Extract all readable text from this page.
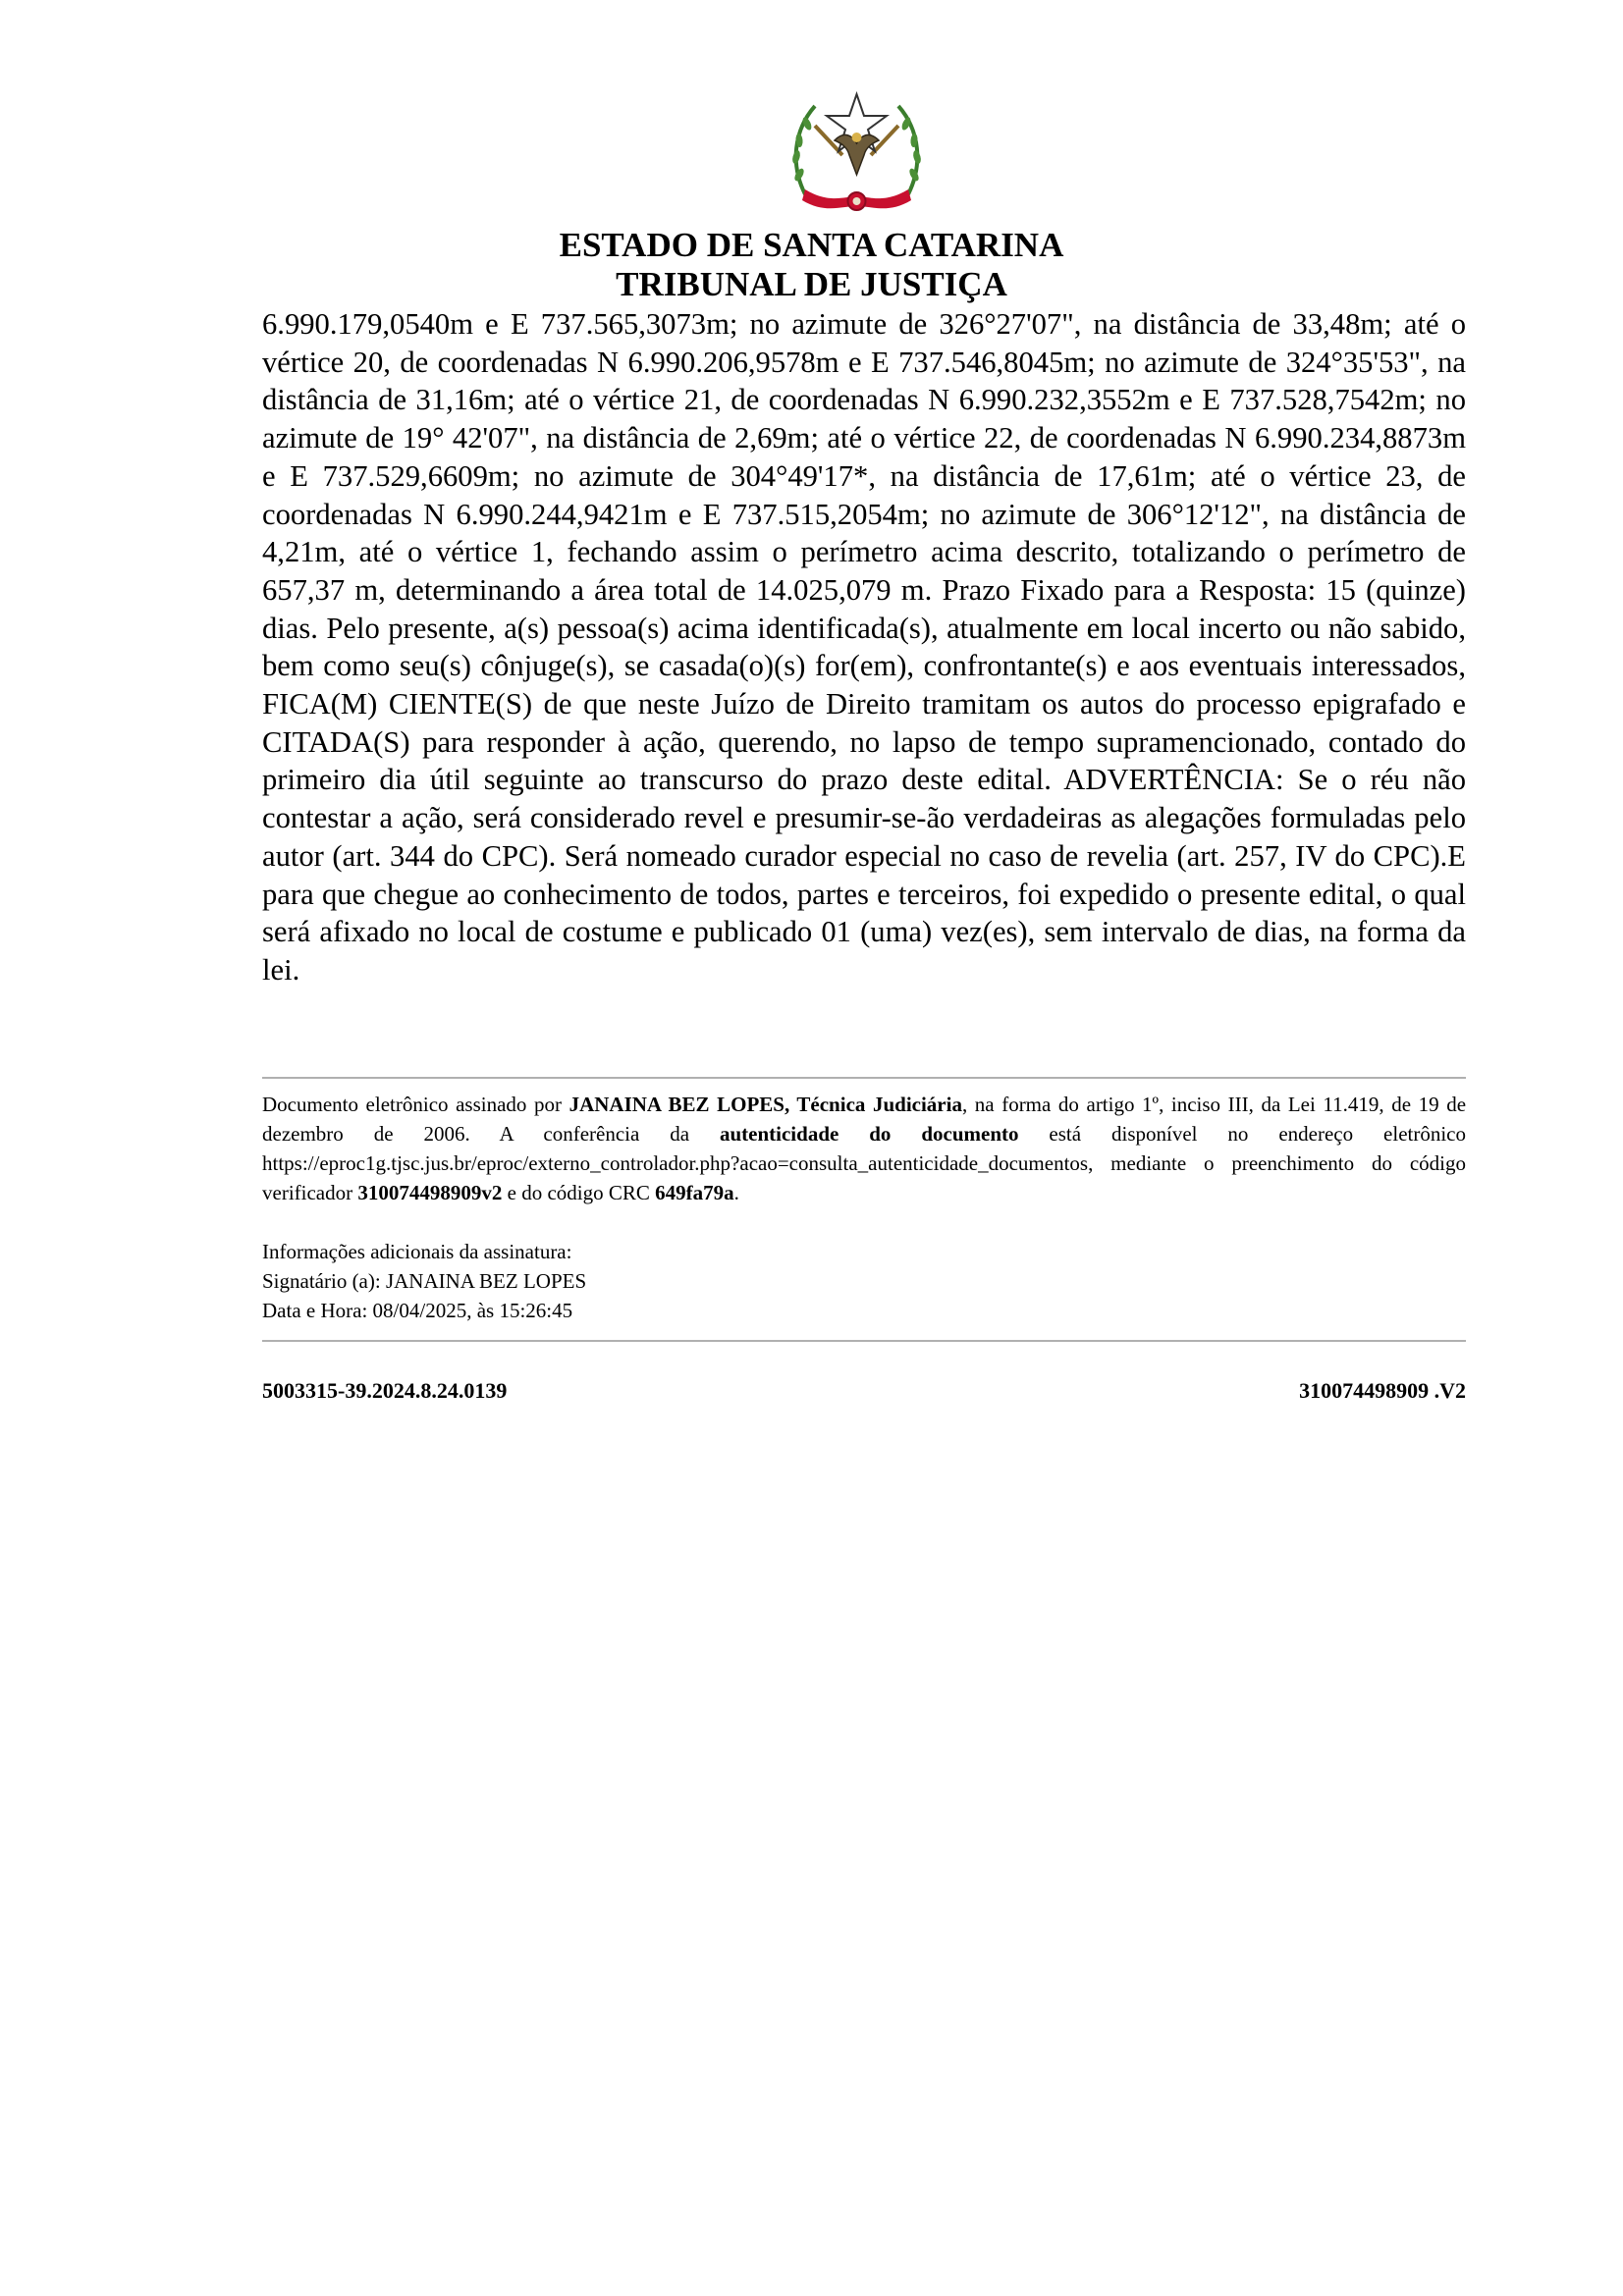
ESTADO DE SANTA CATARINA
TRIBUNAL DE JUSTIÇA

6.990.179,0540m e E 737.565,3073m; no azimute de 326°27'07", na distância de 33,48m; até o vértice 20, de coordenadas N 6.990.206,9578m e E 737.546,8045m; no azimute de 324°35'53", na distância de 31,16m; até o vértice 21, de coordenadas N 6.990.232,3552m e E 737.528,7542m; no azimute de 19° 42'07", na distância de 2,69m; até o vértice 22, de coordenadas N 6.990.234,8873m e E 737.529,6609m; no azimute de 304°49'17*, na distância de 17,61m; até o vértice 23, de coordenadas N 6.990.244,9421m e E 737.515,2054m; no azimute de 306°12'12", na distância de 4,21m, até o vértice 1, fechando assim o perímetro acima descrito, totalizando o perímetro de 657,37 m, determinando a área total de 14.025,079 m. Prazo Fixado para a Resposta: 15 (quinze) dias. Pelo presente, a(s) pessoa(s) acima identificada(s), atualmente em local incerto ou não sabido, bem como seu(s) cônjuge(s), se casada(o)(s) for(em), confrontante(s) e aos eventuais interessados, FICA(M) CIENTE(S) de que neste Juízo de Direito tramitam os autos do processo epigrafado e CITADA(S) para responder à ação, querendo, no lapso de tempo supramencionado, contado do primeiro dia útil seguinte ao transcurso do prazo deste edital. ADVERTÊNCIA: Se o réu não contestar a ação, será considerado revel e presumir-se-ão verdadeiras as alegações formuladas pelo autor (art. 344 do CPC). Será nomeado curador especial no caso de revelia (art. 257, IV do CPC).E para que chegue ao conhecimento de todos, partes e terceiros, foi expedido o presente edital, o qual será afixado no local de costume e publicado 01 (uma) vez(es), sem intervalo de dias, na forma da lei.

Documento eletrônico assinado por JANAINA BEZ LOPES, Técnica Judiciária, na forma do artigo 1º, inciso III, da Lei 11.419, de 19 de dezembro de 2006. A conferência da autenticidade do documento está disponível no endereço eletrônico https://eproc1g.tjsc.jus.br/eproc/externo_controlador.php?acao=consulta_autenticidade_documentos, mediante o preenchimento do código verificador 310074498909v2 e do código CRC 649fa79a.

Informações adicionais da assinatura:
Signatário (a): JANAINA BEZ LOPES
Data e Hora: 08/04/2025, às 15:26:45
5003315-39.2024.8.24.0139	310074498909 .V2
